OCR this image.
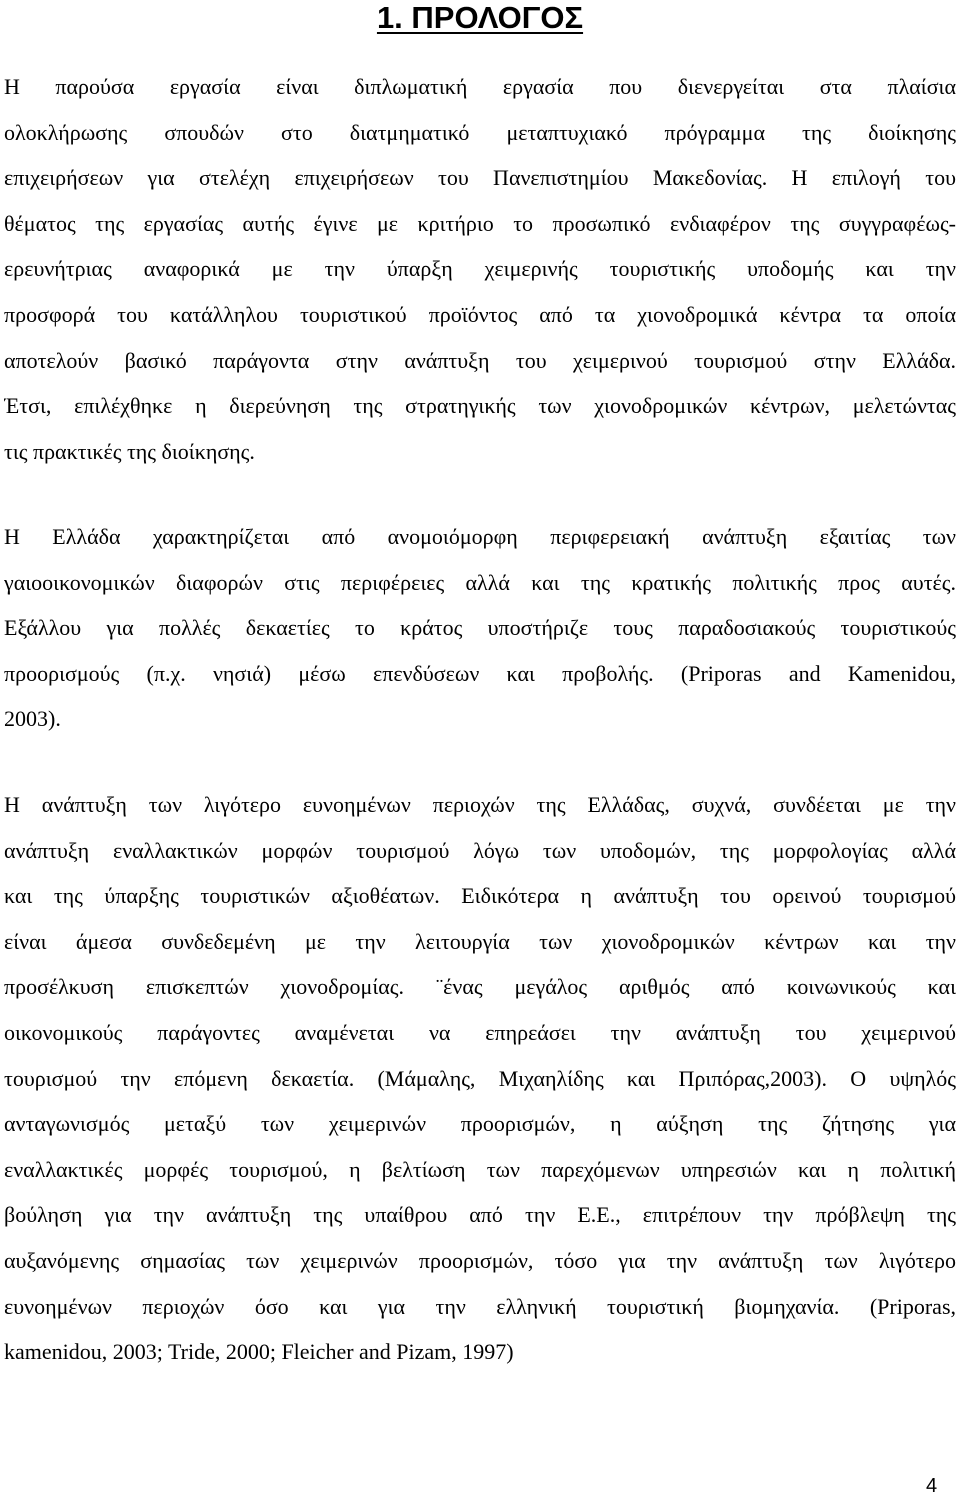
1. ΠΡΟΛΟΓΟΣ
Η παρούσα εργασία είναι διπλωματική εργασία που διενεργείται στα πλαίσια
ολοκλήρωσης σπουδών στο διατμηματικό μεταπτυχιακό πρόγραμμα της διοίκησης
επιχειρήσεων για στελέχη επιχειρήσεων του Πανεπιστημίου Μακεδονίας. Η επιλογή του
θέματος της εργασίας αυτής έγινε με κριτήριο το προσωπικό ενδιαφέρον της συγγραφέως-
ερευνήτριας αναφορικά με την ύπαρξη χειμερινής τουριστικής υποδομής και την
προσφορά του κατάλληλου τουριστικού προϊόντος από τα χιονοδρομικά κέντρα τα οποία
αποτελούν βασικό παράγοντα στην ανάπτυξη του χειμερινού τουρισμού στην Ελλάδα.
Έτσι, επιλέχθηκε η διερεύνηση της στρατηγικής των χιονοδρομικών κέντρων, μελετώντας
τις πρακτικές της διοίκησης.
Η Ελλάδα χαρακτηρίζεται από ανομοιόμορφη περιφερειακή ανάπτυξη εξαιτίας των
γαιοοικονομικών διαφορών στις περιφέρειες αλλά και της κρατικής πολιτικής προς αυτές.
Εξάλλου για πολλές δεκαετίες το κράτος υποστήριζε τους παραδοσιακούς τουριστικούς
προορισμούς (π.χ. νησιά) μέσω επενδύσεων και προβολής. (Priporas and Kamenidou,
2003).
Η ανάπτυξη των λιγότερο ευνοημένων περιοχών της Ελλάδας, συχνά, συνδέεται με την
ανάπτυξη εναλλακτικών μορφών τουρισμού λόγω των υποδομών, της μορφολογίας αλλά
και της ύπαρξης τουριστικών αξιοθέατων. Ειδικότερα η ανάπτυξη του ορεινού τουρισμού
είναι άμεσα συνδεδεμένη με την λειτουργία των χιονοδρομικών κέντρων και την
προσέλκυση επισκεπτών χιονοδρομίας. ¨ένας μεγάλος αριθμός από κοινωνικούς και
οικονομικούς παράγοντες αναμένεται να επηρεάσει την ανάπτυξη του χειμερινού
τουρισμού την επόμενη δεκαετία. (Μάμαλης, Μιχαηλίδης και Πριπόρας,2003). Ο υψηλός
ανταγωνισμός μεταξύ των χειμερινών προορισμών, η αύξηση της ζήτησης για
εναλλακτικές μορφές τουρισμού, η βελτίωση των παρεχόμενων υπηρεσιών και η πολιτική
βούληση για την ανάπτυξη της υπαίθρου από την Ε.Ε., επιτρέπουν την πρόβλεψη της
αυξανόμενης σημασίας των χειμερινών προορισμών, τόσο για την ανάπτυξη των λιγότερο
ευνοημένων περιοχών όσο και για την ελληνική τουριστική βιομηχανία. (Priporas,
kamenidou, 2003; Tride, 2000; Fleicher and Pizam, 1997)
4
